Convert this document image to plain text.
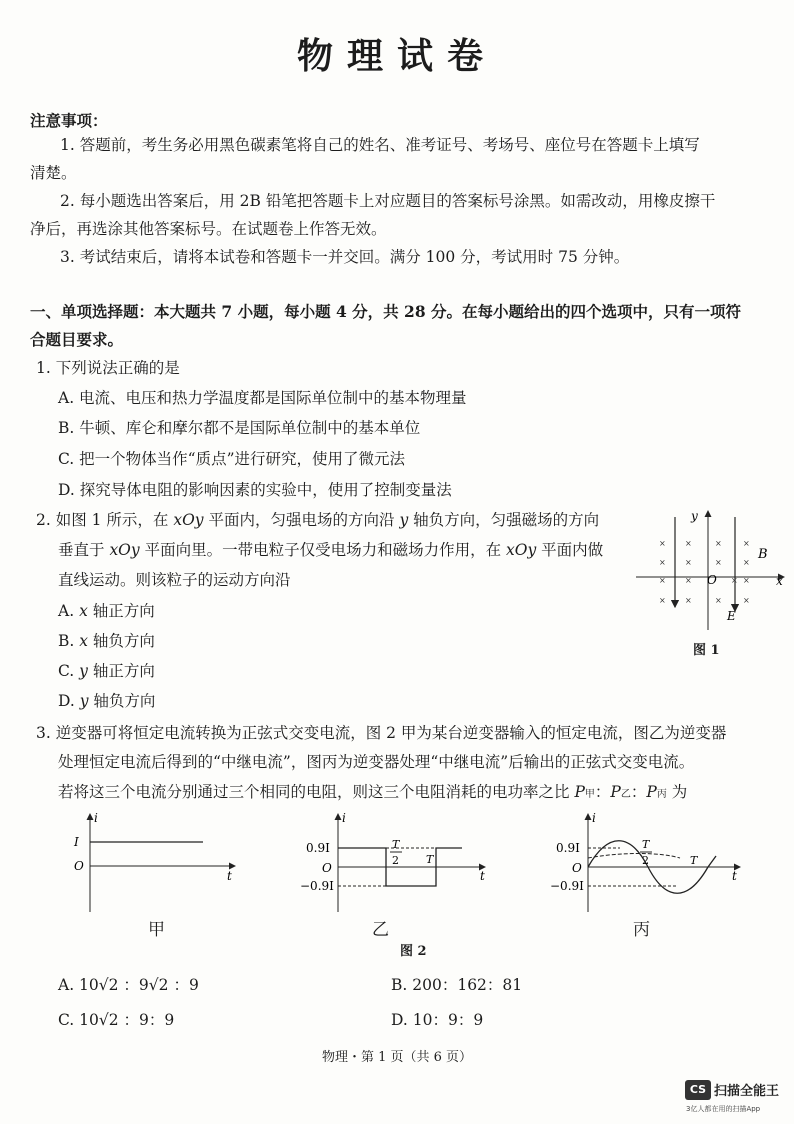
物理试卷
注意事项：
1. 答题前，考生务必用黑色碳素笔将自己的姓名、准考证号、考场号、座位号在答题卡上填写
清楚。
2. 每小题选出答案后，用 2B 铅笔把答题卡上对应题目的答案标号涂黑。如需改动，用橡皮擦干
净后，再选涂其他答案标号。在试题卷上作答无效。
3. 考试结束后，请将本试卷和答题卡一并交回。满分 100 分，考试用时 75 分钟。
一、单项选择题：本大题共 7 小题，每小题 4 分，共 28 分。在每小题给出的四个选项中，只有一项符
合题目要求。
1. 下列说法正确的是
A. 电流、电压和热力学温度都是国际单位制中的基本物理量
B. 牛顿、库仑和摩尔都不是国际单位制中的基本单位
C. 把一个物体当作“质点”进行研究，使用了微元法
D. 探究导体电阻的影响因素的实验中，使用了控制变量法
2. 如图 1 所示，在 xOy 平面内，匀强电场的方向沿 y 轴负方向，匀强磁场的方向
垂直于 xOy 平面向里。一带电粒子仅受电场力和磁场力作用，在 xOy 平面内做
直线运动。则该粒子的运动方向沿
A. x 轴正方向
B. x 轴负方向
C. y 轴正方向
D. y 轴负方向
× ×	×	×
× ×	×	×
× ×	× ×
× ×	×	×
y
x
O
B
E
图 1
3. 逆变器可将恒定电流转换为正弦式交变电流，图 2 甲为某台逆变器输入的恒定电流，图乙为逆变器
处理恒定电流后得到的“中继电流”，图丙为逆变器处理“中继电流”后输出的正弦式交变电流。
若将这三个电流分别通过三个相同的电阻，则这三个电阻消耗的电功率之比 P甲：P乙：P丙 为
i
I
O
t
i
0.9I
O
−0.9I
T
2 T
t
i
0.9I
O
−0.9I
T
2	T
t
甲	乙	丙
图 2
A. 10√2 ：9√2 ：9	B. 200：162：81
C. 10√2 ：9：9	D. 10：9：9
物理・第 1 页（共 6 页）
CS 扫描全能王
3亿人都在用的扫描App
